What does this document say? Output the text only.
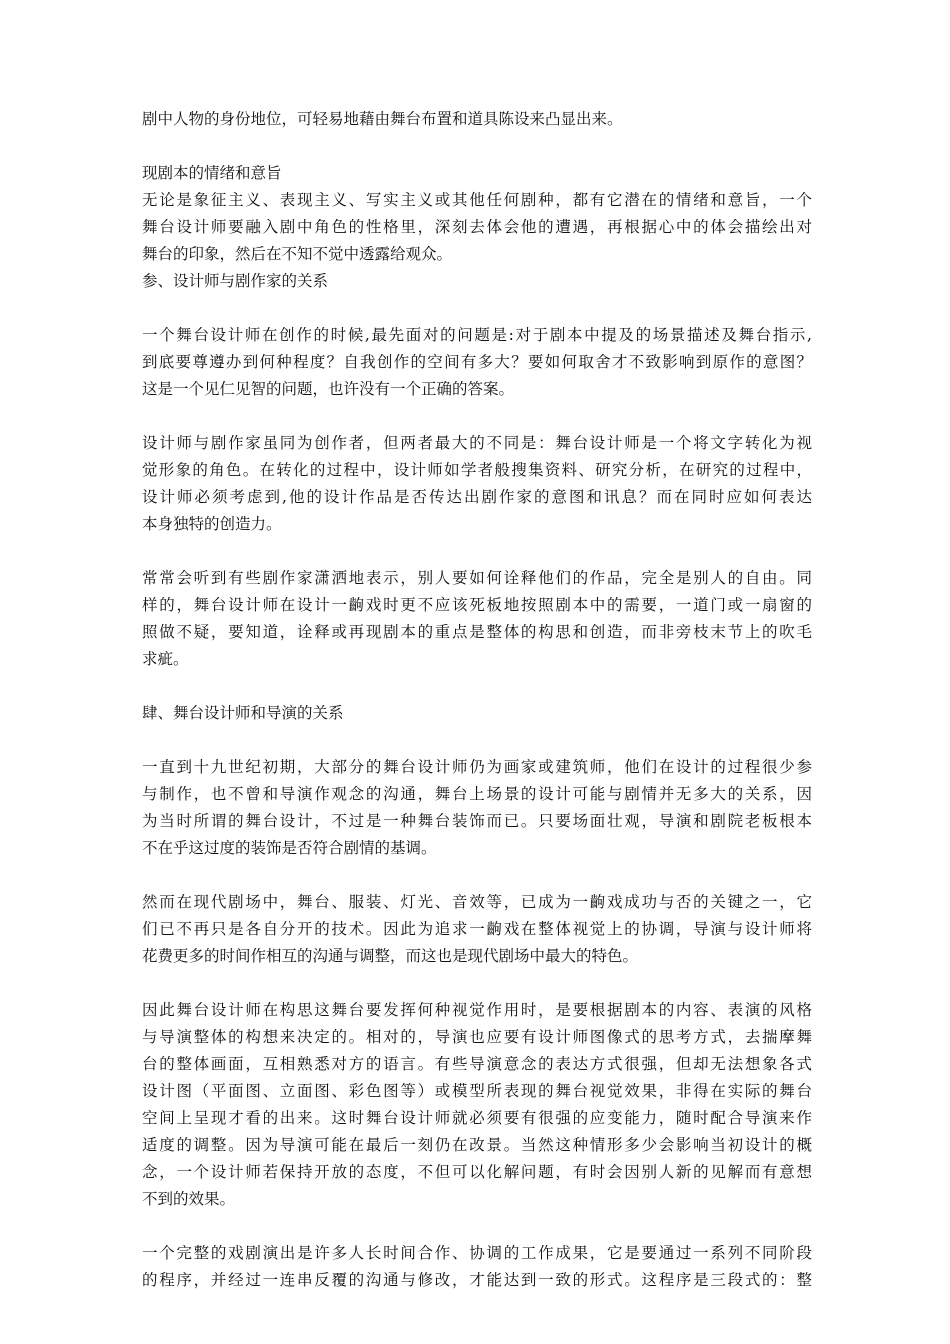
剧中人物的身份地位，可轻易地藉由舞台布置和道具陈设来凸显出来。
现剧本的情绪和意旨
无论是象征主义、表现主义、写实主义或其他任何剧种，都有它潜在的情绪和意旨，一个
舞台设计师要融入剧中角色的性格里，深刻去体会他的遭遇，再根据心中的体会描绘出对
舞台的印象，然后在不知不觉中透露给观众。
参、设计师与剧作家的关系
一个舞台设计师在创作的时候,最先面对的问题是:对于剧本中提及的场景描述及舞台指示,
到底要尊遵办到何种程度？自我创作的空间有多大？要如何取舍才不致影响到原作的意图？
这是一个见仁见智的问题，也许没有一个正确的答案。
设计师与剧作家虽同为创作者，但两者最大的不同是：舞台设计师是一个将文字转化为视
觉形象的角色。在转化的过程中，设计师如学者般搜集资料、研究分析，在研究的过程中，
设计师必须考虑到,他的设计作品是否传达出剧作家的意图和讯息？而在同时应如何表达
本身独特的创造力。
常常会听到有些剧作家潇洒地表示，别人要如何诠释他们的作品，完全是别人的自由。同
样的，舞台设计师在设计一齣戏时更不应该死板地按照剧本中的需要，一道门或一扇窗的
照做不疑，要知道，诠释或再现剧本的重点是整体的构思和创造，而非旁枝末节上的吹毛
求疵。
肆、舞台设计师和导演的关系
一直到十九世纪初期，大部分的舞台设计师仍为画家或建筑师，他们在设计的过程很少参
与制作，也不曾和导演作观念的沟通，舞台上场景的设计可能与剧情并无多大的关系，因
为当时所谓的舞台设计，不过是一种舞台装饰而已。只要场面壮观，导演和剧院老板根本
不在乎这过度的装饰是否符合剧情的基调。
然而在现代剧场中，舞台、服装、灯光、音效等，已成为一齣戏成功与否的关键之一，它
们已不再只是各自分开的技术。因此为追求一齣戏在整体视觉上的协调，导演与设计师将
花费更多的时间作相互的沟通与调整，而这也是现代剧场中最大的特色。
因此舞台设计师在构思这舞台要发挥何种视觉作用时，是要根据剧本的内容、表演的风格
与导演整体的构想来决定的。相对的，导演也应要有设计师图像式的思考方式，去揣摩舞
台的整体画面，互相熟悉对方的语言。有些导演意念的表达方式很强，但却无法想象各式
设计图（平面图、立面图、彩色图等）或模型所表现的舞台视觉效果，非得在实际的舞台
空间上呈现才看的出来。这时舞台设计师就必须要有很强的应变能力，随时配合导演来作
适度的调整。因为导演可能在最后一刻仍在改景。当然这种情形多少会影响当初设计的概
念，一个设计师若保持开放的态度，不但可以化解问题，有时会因别人新的见解而有意想
不到的效果。
一个完整的戏剧演出是许多人长时间合作、协调的工作成果，它是要通过一系列不同阶段
的程序，并经过一连串反覆的沟通与修改，才能达到一致的形式。这程序是三段式的：整
